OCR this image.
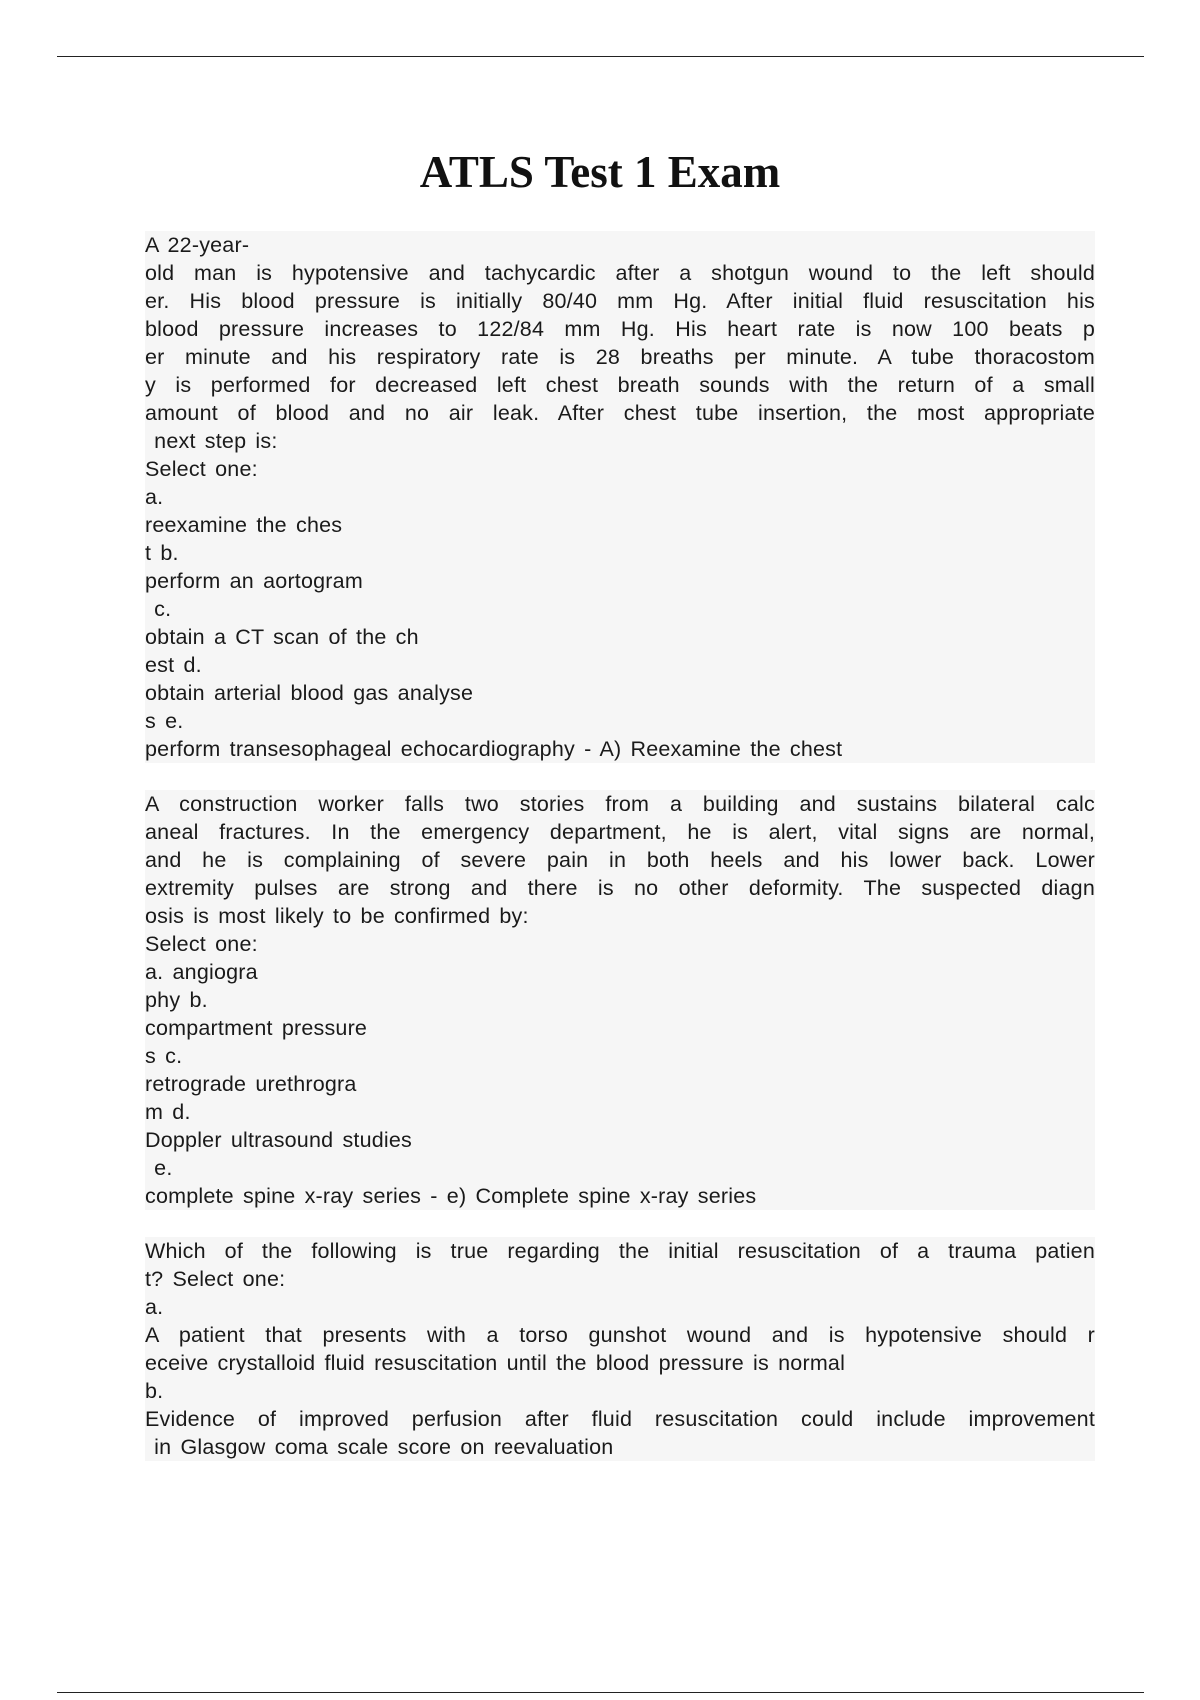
ATLS Test 1 Exam
A 22-year-
old man is hypotensive and tachycardic after a shotgun wound to the left should
er. His blood pressure is initially 80/40 mm Hg. After initial fluid resuscitation his
blood pressure increases to 122/84 mm Hg. His heart rate is now 100 beats p
er minute and his respiratory rate is 28 breaths per minute. A tube thoracostom
y is performed for decreased left chest breath sounds with the return of a small
amount of blood and no air leak. After chest tube insertion, the most appropriate
next step is:
Select one:
a.
reexamine the ches
t b.
perform an aortogram
c.
obtain a CT scan of the ch
est d.
obtain arterial blood gas analyse
s e.
perform transesophageal echocardiography - A) Reexamine the chest
A construction worker falls two stories from a building and sustains bilateral calc
aneal fractures. In the emergency department, he is alert, vital signs are normal,
and he is complaining of severe pain in both heels and his lower back. Lower
extremity pulses are strong and there is no other deformity. The suspected diagn
osis is most likely to be confirmed by:
Select one:
a. angiogra
phy b.
compartment pressure
s c.
retrograde urethrogra
m d.
Doppler ultrasound studies
e.
complete spine x-ray series - e) Complete spine x-ray series
Which of the following is true regarding the initial resuscitation of a trauma patien
t? Select one:
a.
A patient that presents with a torso gunshot wound and is hypotensive should r
eceive crystalloid fluid resuscitation until the blood pressure is normal
b.
Evidence of improved perfusion after fluid resuscitation could include improvement
in Glasgow coma scale score on reevaluation
